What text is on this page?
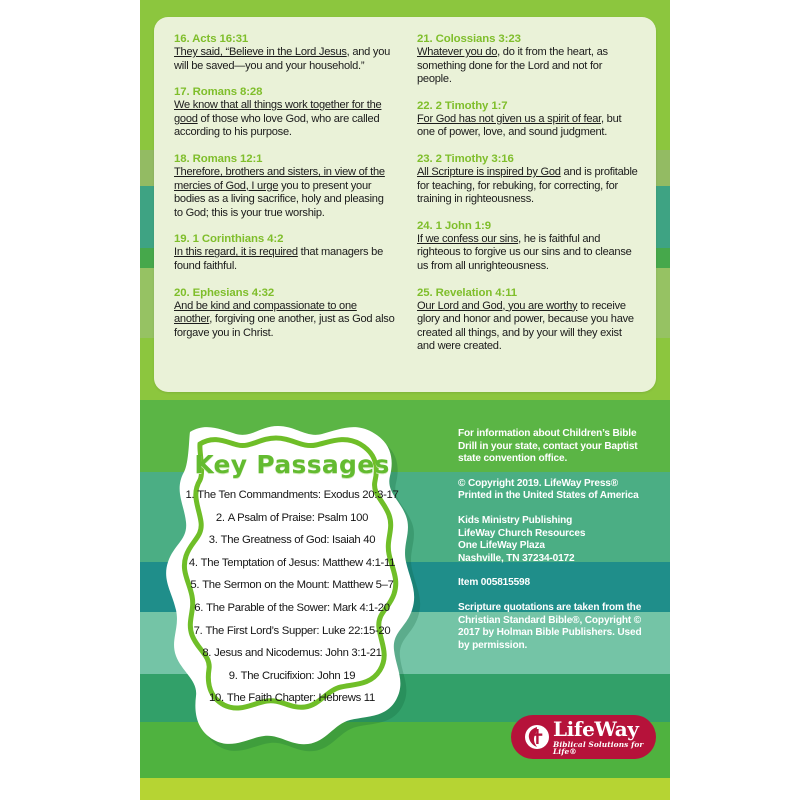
16. Acts 16:31
They said, “Believe in the Lord Jesus, and you will be saved—you and your household.”
17. Romans 8:28
We know that all things work together for the good of those who love God, who are called according to his purpose.
18. Romans 12:1
Therefore, brothers and sisters, in view of the mercies of God, I urge you to present your bodies as a living sacrifice, holy and pleasing to God; this is your true worship.
19. 1 Corinthians 4:2
In this regard, it is required that managers be found faithful.
20. Ephesians 4:32
And be kind and compassionate to one another, forgiving one another, just as God also forgave you in Christ.
21. Colossians 3:23
Whatever you do, do it from the heart, as something done for the Lord and not for people.
22. 2 Timothy 1:7
For God has not given us a spirit of fear, but one of power, love, and sound judgment.
23. 2 Timothy 3:16
All Scripture is inspired by God and is profitable for teaching, for rebuking, for correcting, for training in righteousness.
24. 1 John 1:9
If we confess our sins, he is faithful and righteous to forgive us our sins and to cleanse us from all unrighteousness.
25. Revelation 4:11
Our Lord and God, you are worthy to receive glory and honor and power, because you have created all things, and by your will they exist and were created.
Key Passages
1. The Ten Commandments: Exodus 20:3-17
2. A Psalm of Praise: Psalm 100
3. The Greatness of God: Isaiah 40
4. The Temptation of Jesus: Matthew 4:1-11
5. The Sermon on the Mount: Matthew 5–7
6. The Parable of the Sower: Mark 4:1-20
7. The First Lord’s Supper: Luke 22:15-20
8. Jesus and Nicodemus: John 3:1-21
9. The Crucifixion: John 19
10. The Faith Chapter: Hebrews 11

For information about Children’s Bible Drill in your state, contact your Baptist state convention office.

© Copyright 2019. LifeWay Press®
Printed in the United States of America

Kids Ministry Publishing
LifeWay Church Resources
One LifeWay Plaza
Nashville, TN 37234-0172

Item 005815598

Scripture quotations are taken from the Christian Standard Bible®, Copyright © 2017 by Holman Bible Publishers. Used by permission.

LifeWay
Biblical Solutions for Life®
